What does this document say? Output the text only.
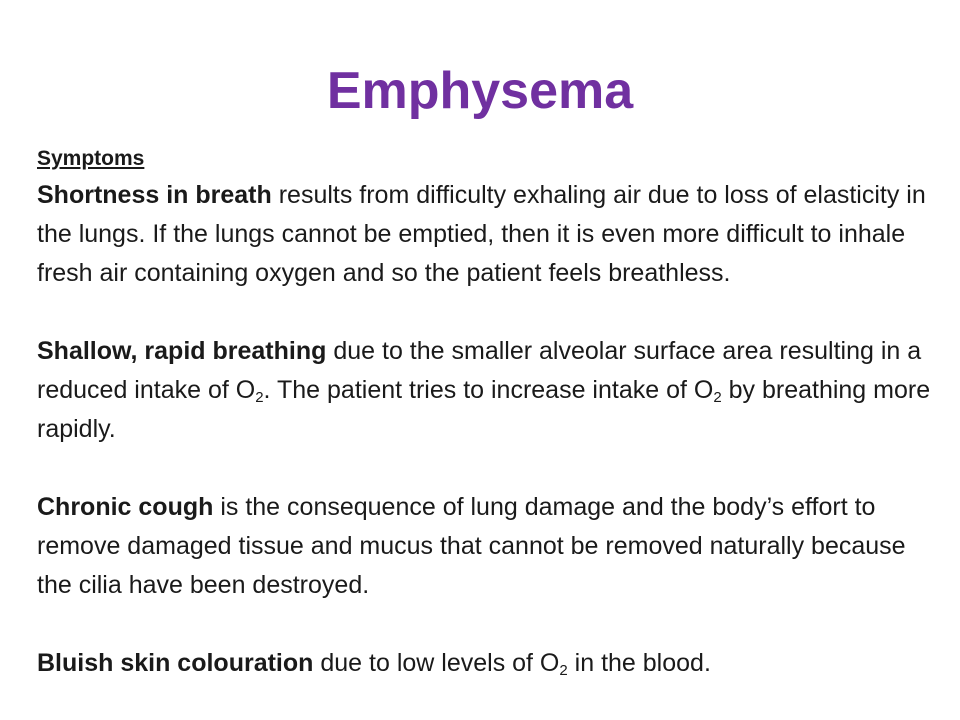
Emphysema
Symptoms

Shortness in breath results from difficulty exhaling air due to loss of elasticity in the lungs. If the lungs cannot be emptied, then it is even more difficult to inhale fresh air containing oxygen and so the patient feels breathless.

Shallow, rapid breathing due to the smaller alveolar surface area resulting in a reduced intake of $O_2$. The patient tries to increase intake of $O_2$ by breathing more rapidly.

Chronic cough is the consequence of lung damage and the body’s effort to remove damaged tissue and mucus that cannot be removed naturally because the cilia have been destroyed.

Bluish skin colouration due to low levels of $O_2$ in the blood.
